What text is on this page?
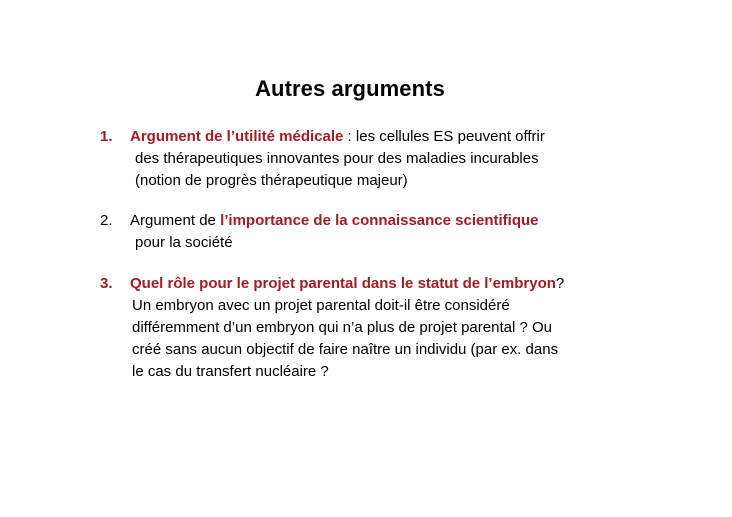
Autres arguments
1. Argument de l’utilité médicale : les cellules ES peuvent offrir
des thérapeutiques innovantes pour des maladies incurables
(notion de progrès thérapeutique majeur)
2. Argument de l’importance de la connaissance scientifique
pour la société
3. Quel rôle pour le projet parental dans le statut de l’embryon?
Un embryon avec un projet parental doit-il être considéré
différemment d’un embryon qui n’a plus de projet parental ? Ou
créé sans aucun objectif de faire naître un individu (par ex. dans
le cas du transfert nucléaire ?
